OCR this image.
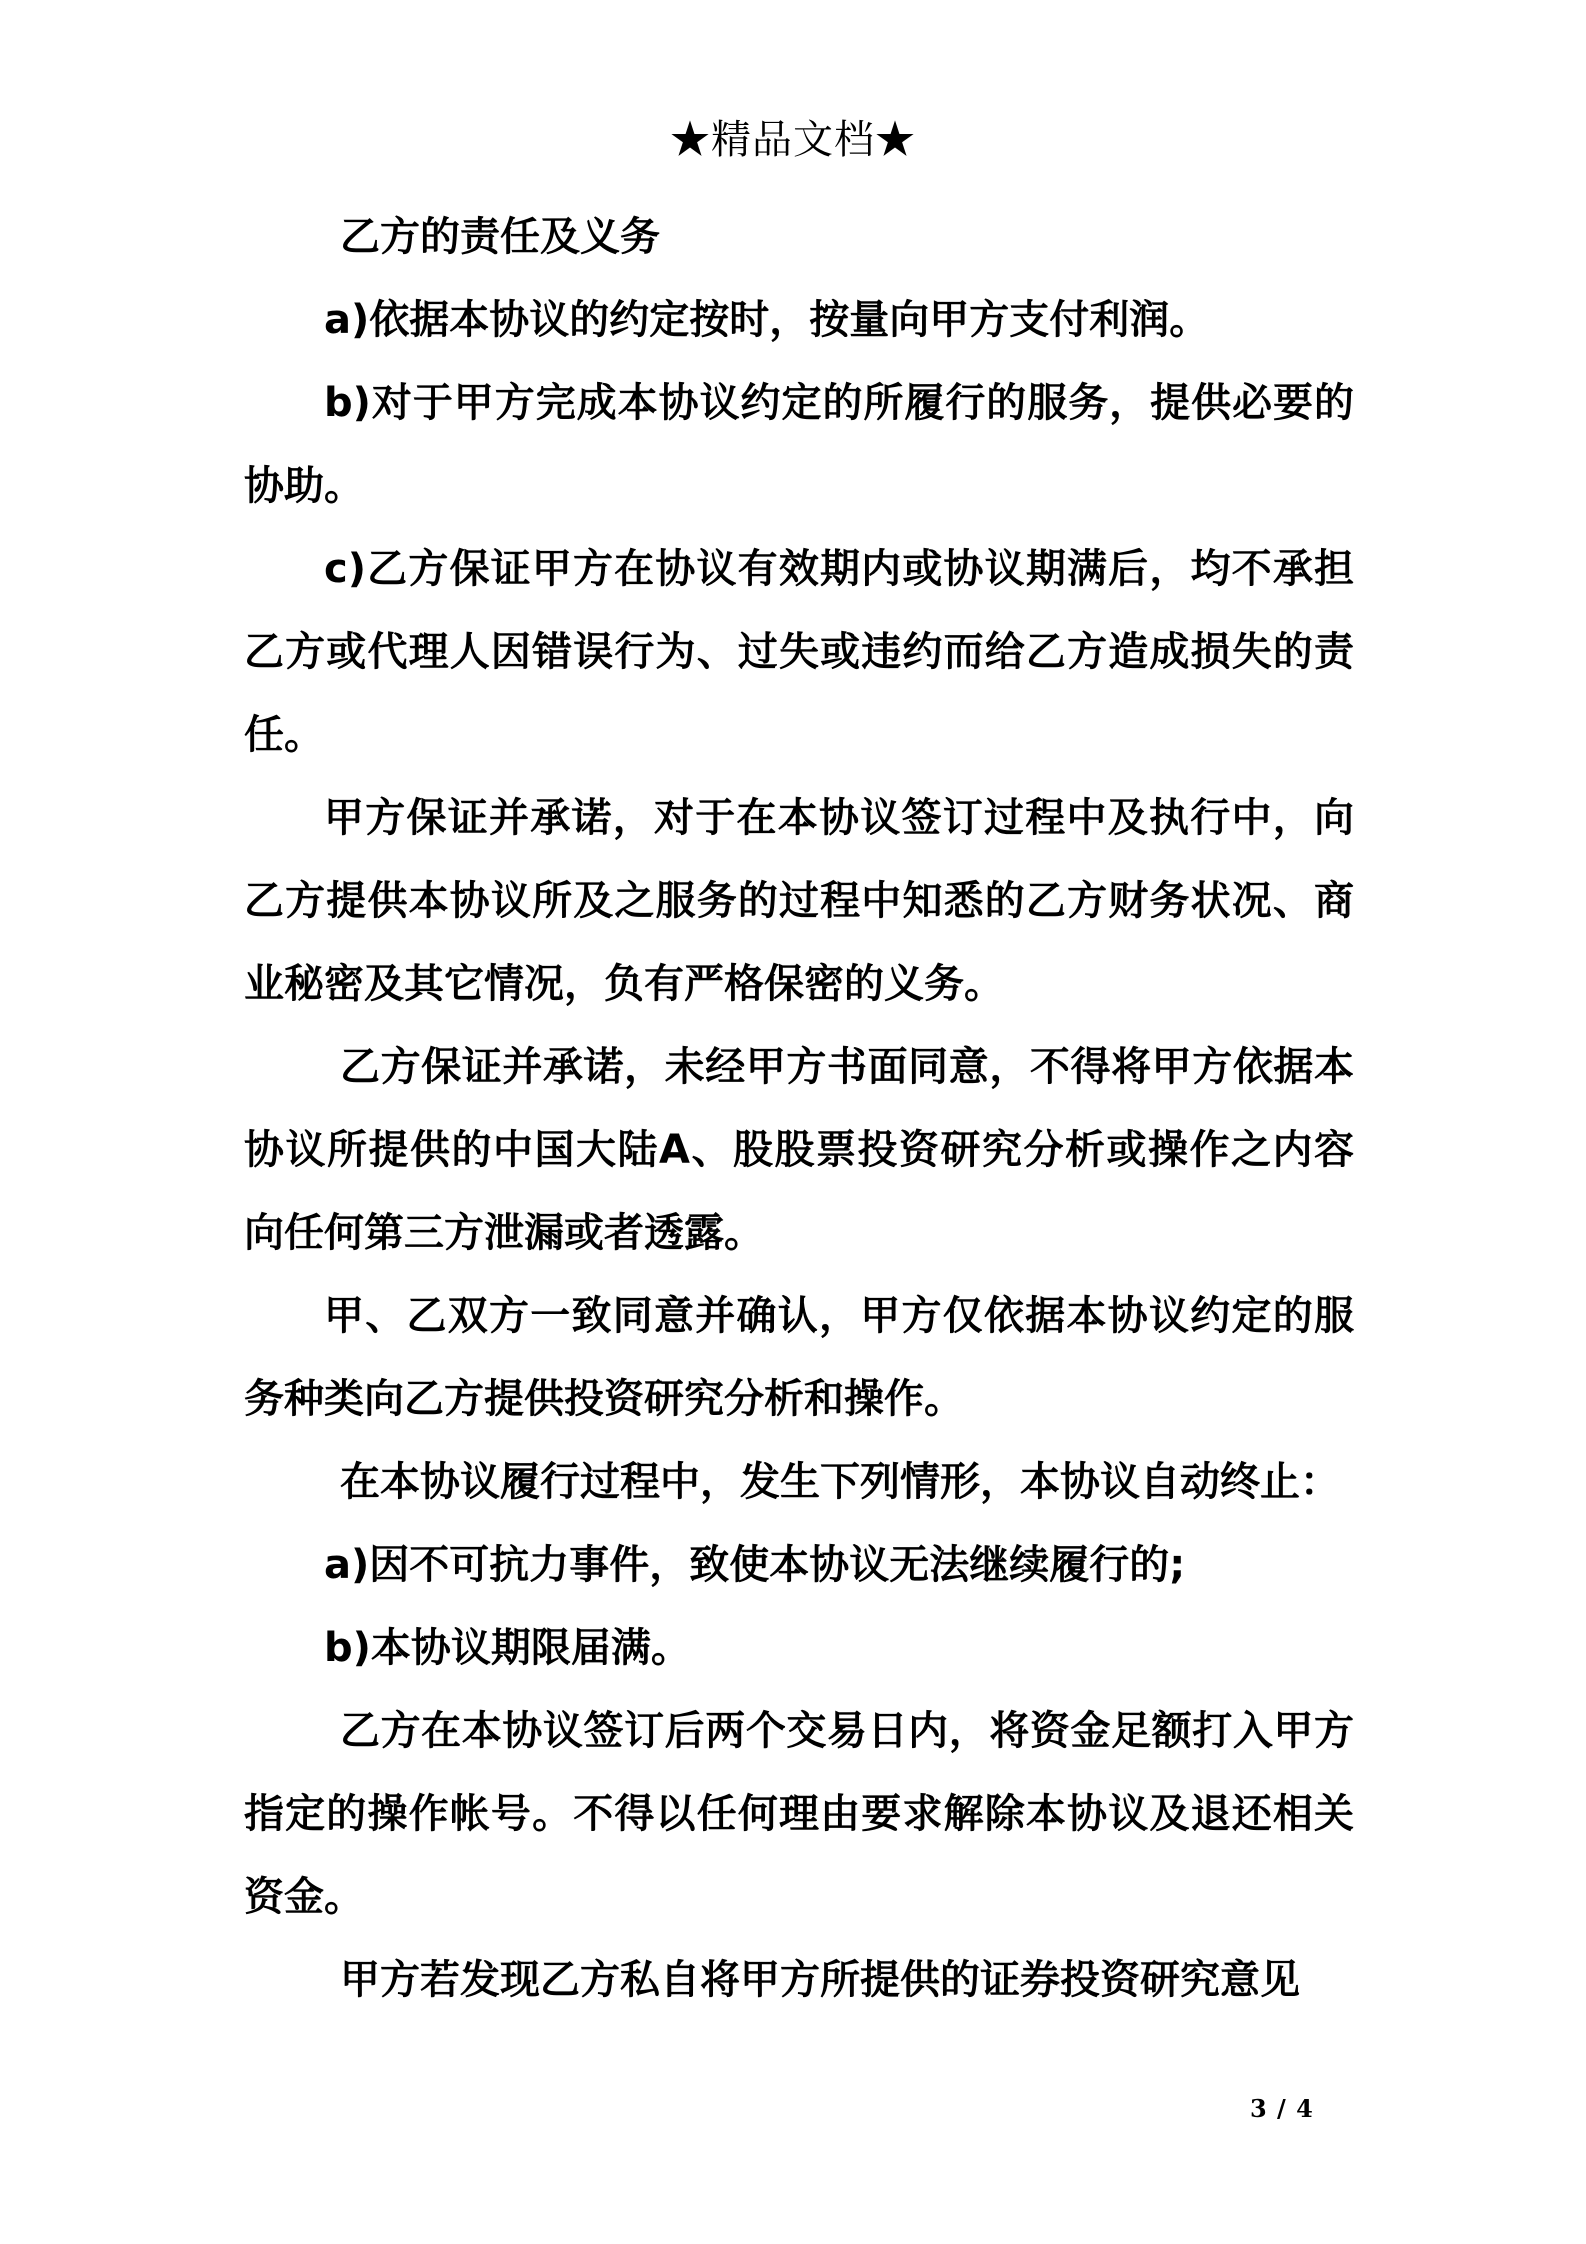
★精品文档★

乙方的责任及义务

a)依据本协议的约定按时，按量向甲方支付利润。

b)对于甲方完成本协议约定的所履行的服务，提供必要的协助。

c)乙方保证甲方在协议有效期内或协议期满后，均不承担乙方或代理人因错误行为、过失或违约而给乙方造成损失的责任。

甲方保证并承诺，对于在本协议签订过程中及执行中，向乙方提供本协议所及之服务的过程中知悉的乙方财务状况、商业秘密及其它情况，负有严格保密的义务。

乙方保证并承诺，未经甲方书面同意，不得将甲方依据本协议所提供的中国大陆A、股股票投资研究分析或操作之内容向任何第三方泄漏或者透露。

甲、乙双方一致同意并确认，甲方仅依据本协议约定的服务种类向乙方提供投资研究分析和操作。

在本协议履行过程中，发生下列情形，本协议自动终止：

a)因不可抗力事件，致使本协议无法继续履行的;

b)本协议期限届满。

乙方在本协议签订后两个交易日内，将资金足额打入甲方指定的操作帐号。不得以任何理由要求解除本协议及退还相关资金。

甲方若发现乙方私自将甲方所提供的证券投资研究意见

3 / 4
